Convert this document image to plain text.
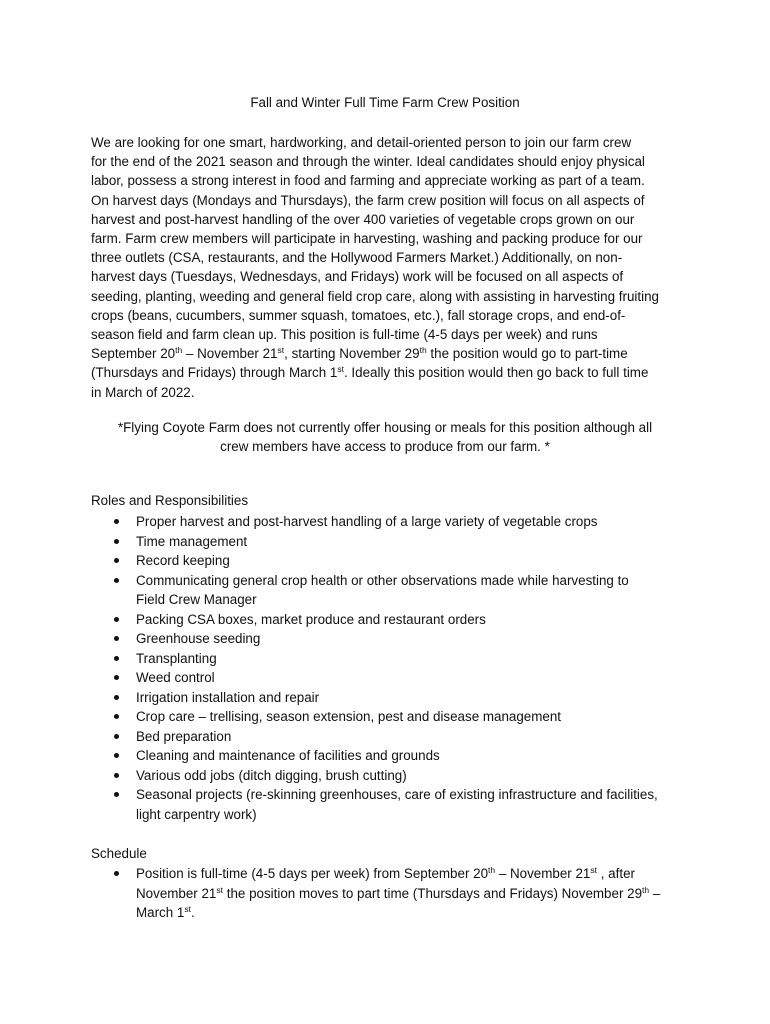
Fall and Winter Full Time Farm Crew Position
We are looking for one smart, hardworking, and detail-oriented person to join our farm crew
for the end of the 2021 season and through the winter. Ideal candidates should enjoy physical
labor, possess a strong interest in food and farming and appreciate working as part of a team.
On harvest days (Mondays and Thursdays), the farm crew position will focus on all aspects of
harvest and post-harvest handling of the over 400 varieties of vegetable crops grown on our
farm. Farm crew members will participate in harvesting, washing and packing produce for our
three outlets (CSA, restaurants, and the Hollywood Farmers Market.) Additionally, on non-
harvest days (Tuesdays, Wednesdays, and Fridays) work will be focused on all aspects of
seeding, planting, weeding and general field crop care, along with assisting in harvesting fruiting
crops (beans, cucumbers, summer squash, tomatoes, etc.), fall storage crops, and end-of-
season field and farm clean up. This position is full-time (4-5 days per week) and runs
September 20th – November 21st, starting November 29th the position would go to part-time
(Thursdays and Fridays) through March 1st. Ideally this position would then go back to full time
in March of 2022.
*Flying Coyote Farm does not currently offer housing or meals for this position although all
crew members have access to produce from our farm. *
Roles and Responsibilities
Proper harvest and post-harvest handling of a large variety of vegetable crops
Time management
Record keeping
Communicating general crop health or other observations made while harvesting to
Field Crew Manager
Packing CSA boxes, market produce and restaurant orders
Greenhouse seeding
Transplanting
Weed control
Irrigation installation and repair
Crop care – trellising, season extension, pest and disease management
Bed preparation
Cleaning and maintenance of facilities and grounds
Various odd jobs (ditch digging, brush cutting)
Seasonal projects (re-skinning greenhouses, care of existing infrastructure and facilities,
light carpentry work)
Schedule
Position is full-time (4-5 days per week) from September 20th – November 21st , after
November 21st the position moves to part time (Thursdays and Fridays) November 29th –
March 1st.
